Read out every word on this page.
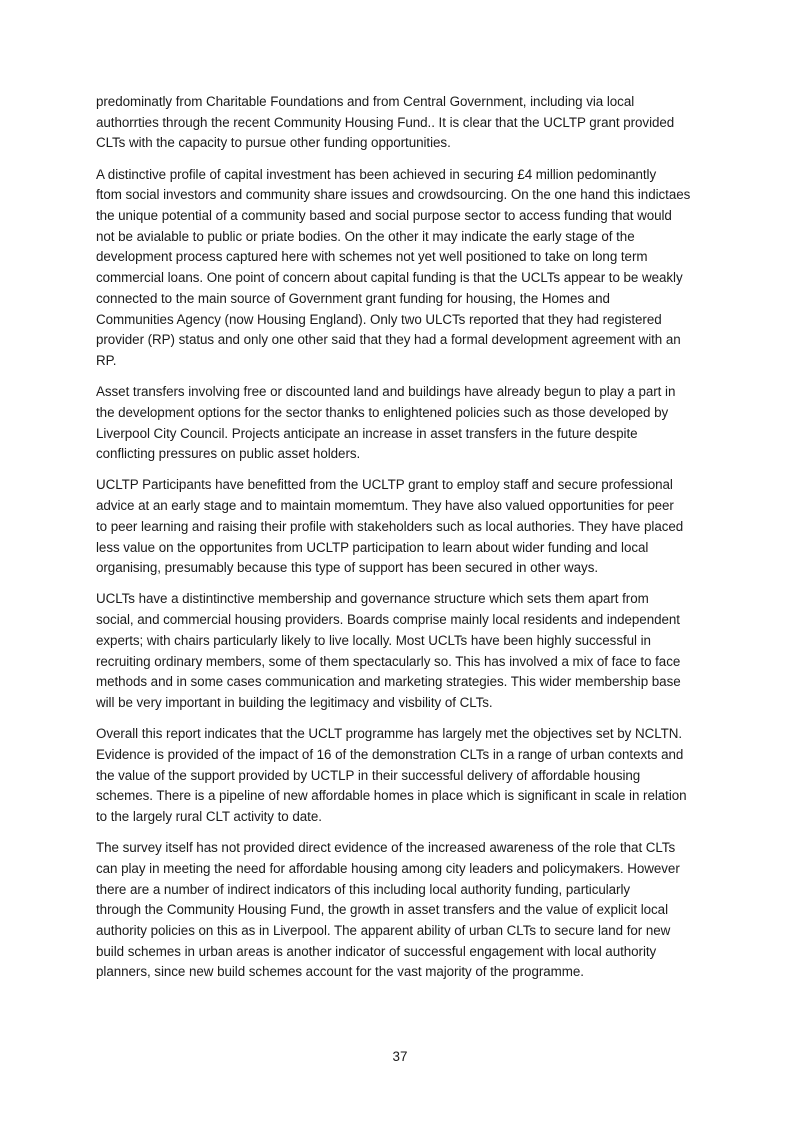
predominatly from Charitable Foundations and from Central Government, including via local
authorrties through the recent Community Housing Fund.. It is clear that the UCLTP grant provided
CLTs with the capacity to pursue other funding opportunities.

A distinctive profile of capital investment has been achieved in securing £4 million pedominantly
ftom social investors and community share issues and crowdsourcing. On the one hand this indictaes
the unique potential of a community based and social purpose sector to access funding that would
not be avialable to public or priate bodies. On the other it may indicate the early stage of the
development process captured here with schemes not yet well positioned to take on long term
commercial loans. One point of concern about capital funding is that the UCLTs appear to be weakly
connected to the main source of Government grant funding for housing, the Homes and
Communities Agency (now Housing England). Only two ULCTs reported that they had registered
provider (RP) status and only one other said that they had a formal development agreement with an
RP.

Asset transfers involving free or discounted land and buildings have already begun to play a part in
the development options for the sector thanks to enlightened policies such as those developed by
Liverpool City Council. Projects anticipate an increase in asset transfers in the future despite
conflicting pressures on public asset holders.

UCLTP Participants have benefitted from the UCLTP grant to employ staff and secure professional
advice at an early stage and to maintain momemtum. They have also valued opportunities for peer
to peer learning and raising their profile with stakeholders such as local authories. They have placed
less value on the opportunites from UCLTP participation to learn about wider funding and local
organising, presumably because this type of support has been secured in other ways.

UCLTs have a distintinctive membership and governance structure which sets them apart from
social, and commercial housing providers. Boards comprise mainly local residents and independent
experts; with chairs particularly likely to live locally. Most UCLTs have been highly successful in
recruiting ordinary members, some of them spectacularly so. This has involved a mix of face to face
methods and in some cases communication and marketing strategies. This wider membership base
will be very important in building the legitimacy and visbility of CLTs.

Overall this report indicates that the UCLT programme has largely met the objectives set by NCLTN.
Evidence is provided of the impact of 16 of the demonstration CLTs in a range of urban contexts and
the value of the support provided by UCTLP in their successful delivery of affordable housing
schemes. There is a pipeline of new affordable homes in place which is significant in scale in relation
to the largely rural CLT activity to date.

The survey itself has not provided direct evidence of the increased awareness of the role that CLTs
can play in meeting the need for affordable housing among city leaders and policymakers. However
there are a number of indirect indicators of this including local authority funding, particularly
through the Community Housing Fund, the growth in asset transfers and the value of explicit local
authority policies on this as in Liverpool. The apparent ability of urban CLTs to secure land for new
build schemes in urban areas is another indicator of successful engagement with local authority
planners, since new build schemes account for the vast majority of the programme.

37
